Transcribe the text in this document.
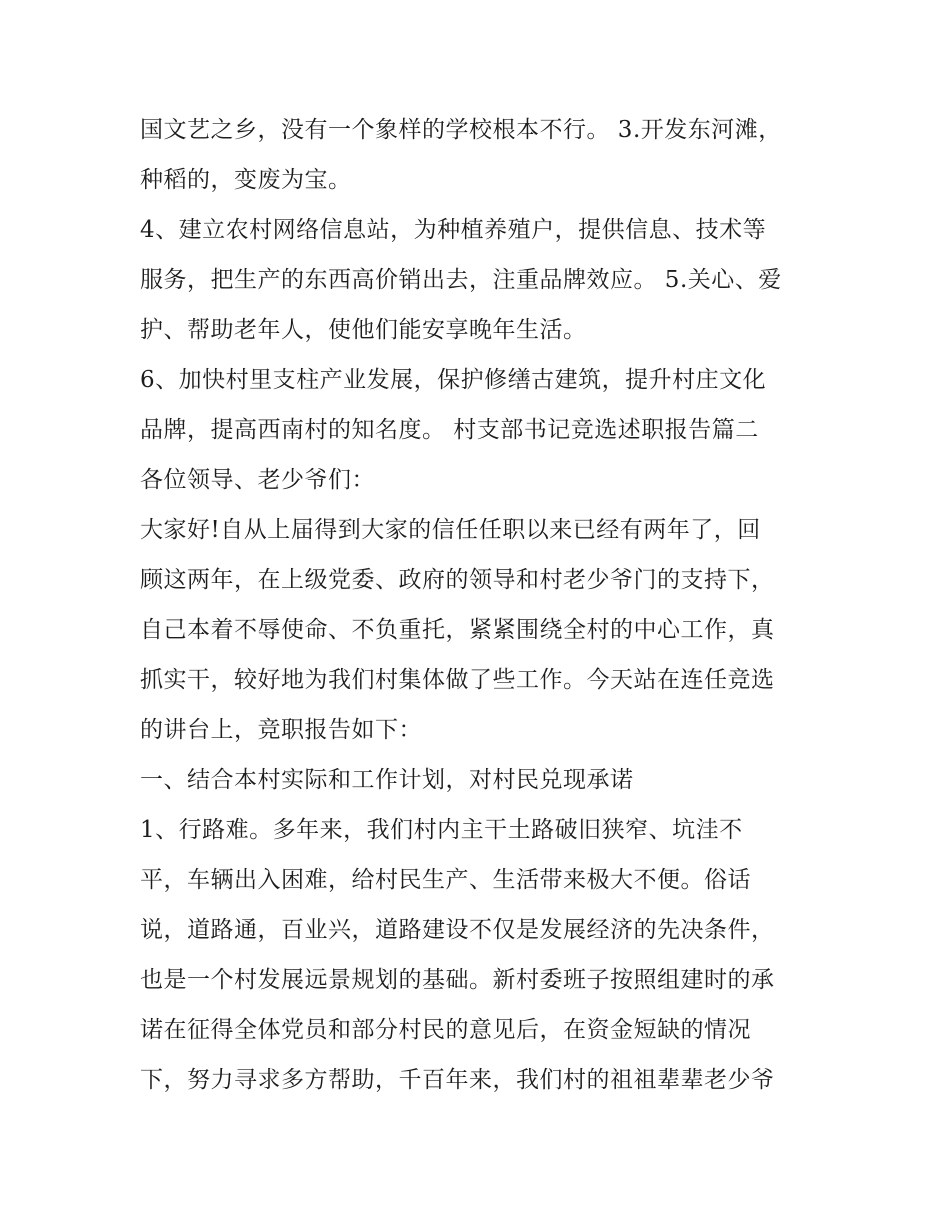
国文艺之乡，没有一个象样的学校根本不行。 3.开发东河滩，
种稻的，变废为宝。
4、建立农村网络信息站，为种植养殖户，提供信息、技术等
服务，把生产的东西高价销出去，注重品牌效应。 5.关心、爱
护、帮助老年人，使他们能安享晚年生活。
6、加快村里支柱产业发展，保护修缮古建筑，提升村庄文化
品牌，提高西南村的知名度。 村支部书记竞选述职报告篇二
各位领导、老少爷们：
大家好!自从上届得到大家的信任任职以来已经有两年了，回
顾这两年，在上级党委、政府的领导和村老少爷门的支持下，
自己本着不辱使命、不负重托，紧紧围绕全村的中心工作，真
抓实干，较好地为我们村集体做了些工作。今天站在连任竞选
的讲台上，竞职报告如下：
一、结合本村实际和工作计划，对村民兑现承诺
1、行路难。多年来，我们村内主干土路破旧狭窄、坑洼不
平，车辆出入困难，给村民生产、生活带来极大不便。俗话
说，道路通，百业兴，道路建设不仅是发展经济的先决条件，
也是一个村发展远景规划的基础。新村委班子按照组建时的承
诺在征得全体党员和部分村民的意见后，在资金短缺的情况
下，努力寻求多方帮助，千百年来，我们村的祖祖辈辈老少爷
